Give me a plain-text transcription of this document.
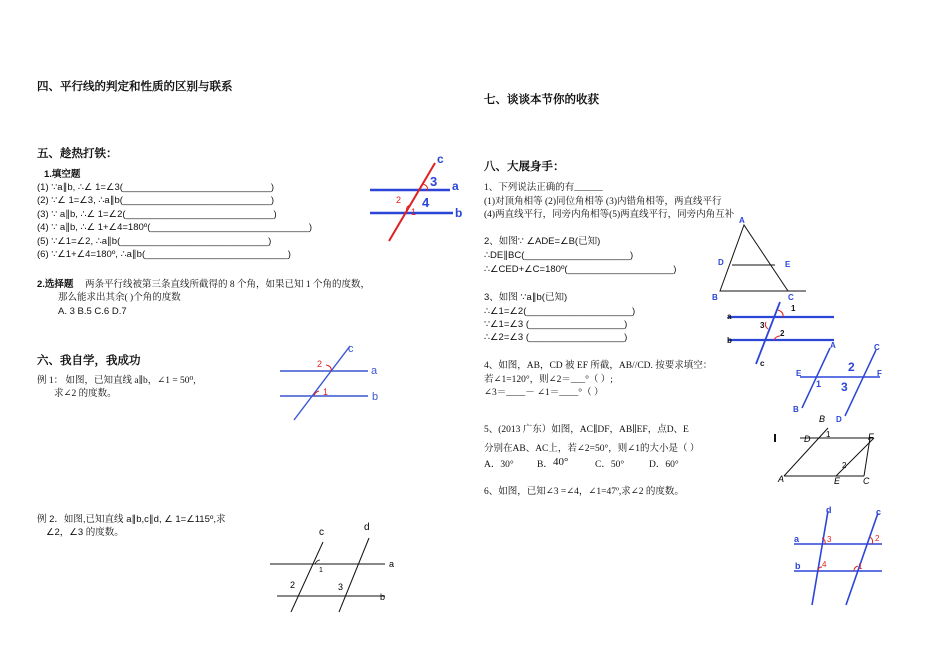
四、平行线的判定和性质的区别与联系
五、趁热打铁：
1.填空题
(1) ∵a∥b, ∴∠ 1=∠3(____________________________)
(2) ∵∠ 1=∠3, ∴a∥b(____________________________)
(3) ∵ a∥b, ∴∠ 1=∠2(____________________________)
(4) ∵ a∥b, ∴∠ 1+∠4=180º(______________________________)
(5) ∵∠1=∠2, ∴a∥b(____________________________)
(6) ∵∠1+∠4=180º, ∴a∥b(___________________________)
2.选择题 两条平行线被第三条直线所截得的 8 个角，如果已知 1 个角的度数，
那么能求出其余( )个角的度数
A. 3 B.5 C.6 D.7
六、我自学，我成功
例 1： 如图，已知直线 a∥b，∠1 = 50⁰,
求∠2 的度数。
例 2．如图,已知直线 a∥b,c∥d, ∠ 1=∠115º,求
∠2，∠3 的度数。
c
3 a
2 4
1	b
2
c
a
1	b
c	d
a
1
2	3
b
七、谈谈本节你的收获
八、大展身手：
1、下列说法正确的有______
(1)对顶角相等 (2)同位角相等 (3)内错角相等，两直线平行
(4)两直线平行，同旁内角相等(5)两直线平行，同旁内角互补
2、如图∵ ∠ADE=∠B(已知)
∴DE∥BC(____________________)
∴∠CED+∠C=180º(____________________)
3、如图 ∵a∥b(已知)
∴∠1=∠2(____________________)
∵∠1=∠3 (__________________)
∴∠2=∠3 (__________________)
4、如图，AB，CD 被 EF 所截，AB//CD. 按要求填空：
若∠1=120°，则∠2＝___°（ ）;
∠3＝____－ ∠1＝____°（ ）
5、(2013 广东）如图，AC∥DF，AB∥EF，点D、E
分别在AB、AC上，若∠2=50°，则∠1的大小是（ ）
A．30° B． 40°	C．50°	D．60°
6、如图，已知∠3 =∠4，∠1=47º,求∠2 的度数。
A
D	E
B	C
1
a
3
2
b
c
A	C
E	2	F
1 3
B
D
B
D 1	F
2
A	E	C
d	c
a	3	2
b	4	1
